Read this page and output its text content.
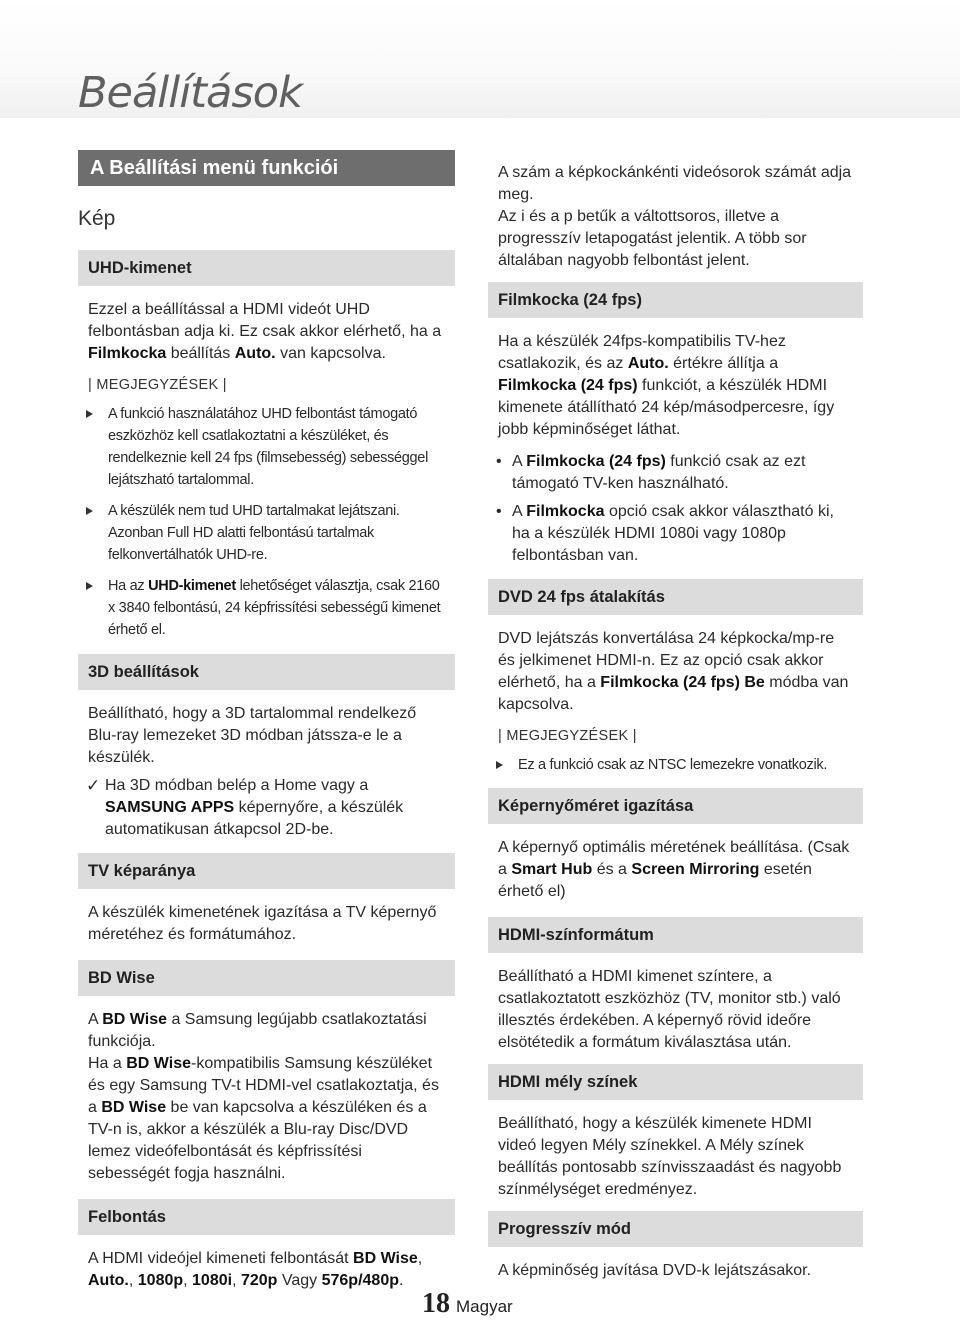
Beállítások
A Beállítási menü funkciói
Kép
UHD-kimenet

Ezzel a beállítással a HDMI videót UHD felbontásban adja ki. Ez csak akkor elérhető, ha a Filmkocka beállítás Auto. van kapcsolva.

| MEGJEGYZÉSEK |
A funkció használatához UHD felbontást támogató eszközhöz kell csatlakoztatni a készüléket, és rendelkeznie kell 24 fps (filmsebesség) sebességgel lejátszható tartalommal.
A készülék nem tud UHD tartalmakat lejátszani. Azonban Full HD alatti felbontású tartalmak felkonvertálhatók UHD-re.
Ha az UHD-kimenet lehetőséget választja, csak 2160 x 3840 felbontású, 24 képfrissítési sebességű kimenet érhető el.
3D beállítások

Beállítható, hogy a 3D tartalommal rendelkező Blu-ray lemezeket 3D módban játssza-e le a készülék.

✓ Ha 3D módban belép a Home vagy a SAMSUNG APPS képernyőre, a készülék automatikusan átkapcsol 2D-be.
TV képaránya

A készülék kimenetének igazítása a TV képernyő méretéhez és formátumához.

BD Wise

A BD Wise a Samsung legújabb csatlakoztatási funkciója.

Ha a BD Wise-kompatibilis Samsung készüléket és egy Samsung TV-t HDMI-vel csatlakoztatja, és a BD Wise be van kapcsolva a készüléken és a TV-n is, akkor a készülék a Blu-ray Disc/DVD lemez videófelbontását és képfrissítési sebességét fogja használni.

Felbontás

A HDMI videójel kimeneti felbontását BD Wise, Auto., 1080p, 1080i, 720p Vagy 576p/480p.

A szám a képkockánkénti videósorok számát adja meg.

Az i és a p betűk a váltottsoros, illetve a progresszív letapogatást jelentik. A több sor általában nagyobb felbontást jelent.

Filmkocka (24 fps)

Ha a készülék 24fps-kompatibilis TV-hez csatlakozik, és az Auto. értékre állítja a Filmkocka (24 fps) funkciót, a készülék HDMI kimenete átállítható 24 kép/másodpercesre, így jobb képminőséget láthat.

• A Filmkocka (24 fps) funkció csak az ezt támogató TV-ken használható.
• A Filmkocka opció csak akkor választható ki, ha a készülék HDMI 1080i vagy 1080p felbontásban van.
DVD 24 fps átalakítás

DVD lejátszás konvertálása 24 képkocka/mp-re és jelkimenet HDMI-n. Ez az opció csak akkor elérhető, ha a Filmkocka (24 fps) Be módba van kapcsolva.

| MEGJEGYZÉSEK |
Ez a funkció csak az NTSC lemezekre vonatkozik.
Képernyőméret igazítása

A képernyő optimális méretének beállítása. (Csak a Smart Hub és a Screen Mirroring esetén érhető el)

HDMI-színformátum

Beállítható a HDMI kimenet színtere, a csatlakoztatott eszközhöz (TV, monitor stb.) való illesztés érdekében. A képernyő rövid ideőre elsötétedik a formátum kiválasztása után.

HDMI mély színek

Beállítható, hogy a készülék kimenete HDMI videó legyen Mély színekkel. A Mély színek beállítás pontosabb színvisszaadást és nagyobb színmélységet eredményez.

Progresszív mód

A képminőség javítása DVD-k lejátszásakor.

18 Magyar
